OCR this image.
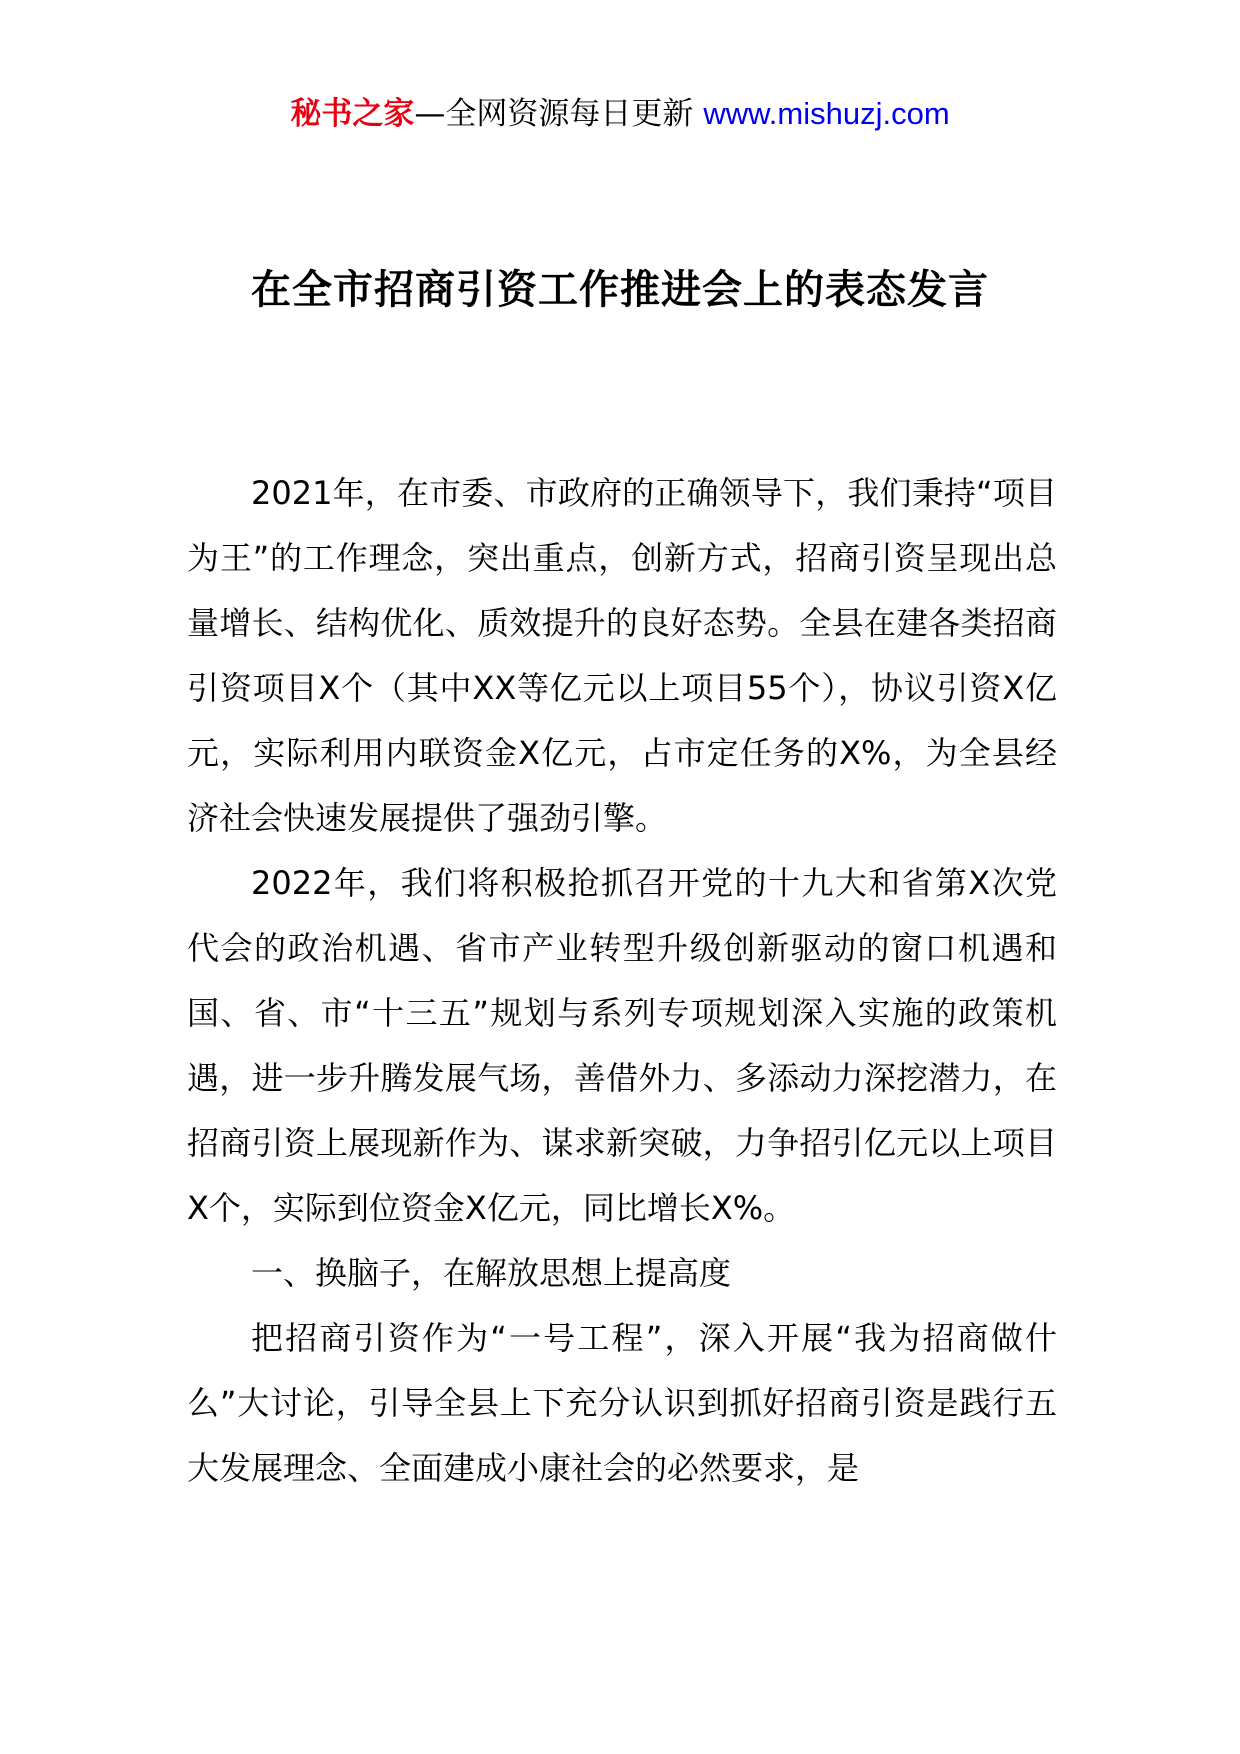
秘书之家—全网资源每日更新 www.mishuzj.com
在全市招商引资工作推进会上的表态发言

2021年，在市委、市政府的正确领导下，我们秉持“项目为王”的工作理念，突出重点，创新方式，招商引资呈现出总量增长、结构优化、质效提升的良好态势。全县在建各类招商引资项目X个（其中XX等亿元以上项目55个），协议引资X亿元，实际利用内联资金X亿元，占市定任务的X%，为全县经济社会快速发展提供了强劲引擎。

2022年，我们将积极抢抓召开党的十九大和省第X次党代会的政治机遇、省市产业转型升级创新驱动的窗口机遇和国、省、市“十三五”规划与系列专项规划深入实施的政策机遇，进一步升腾发展气场，善借外力、多添动力深挖潜力，在招商引资上展现新作为、谋求新突破，力争招引亿元以上项目X个，实际到位资金X亿元，同比增长X%。

一、换脑子，在解放思想上提高度

把招商引资作为“一号工程”，深入开展“我为招商做什么”大讨论，引导全县上下充分认识到抓好招商引资是践行五大发展理念、全面建成小康社会的必然要求，是
